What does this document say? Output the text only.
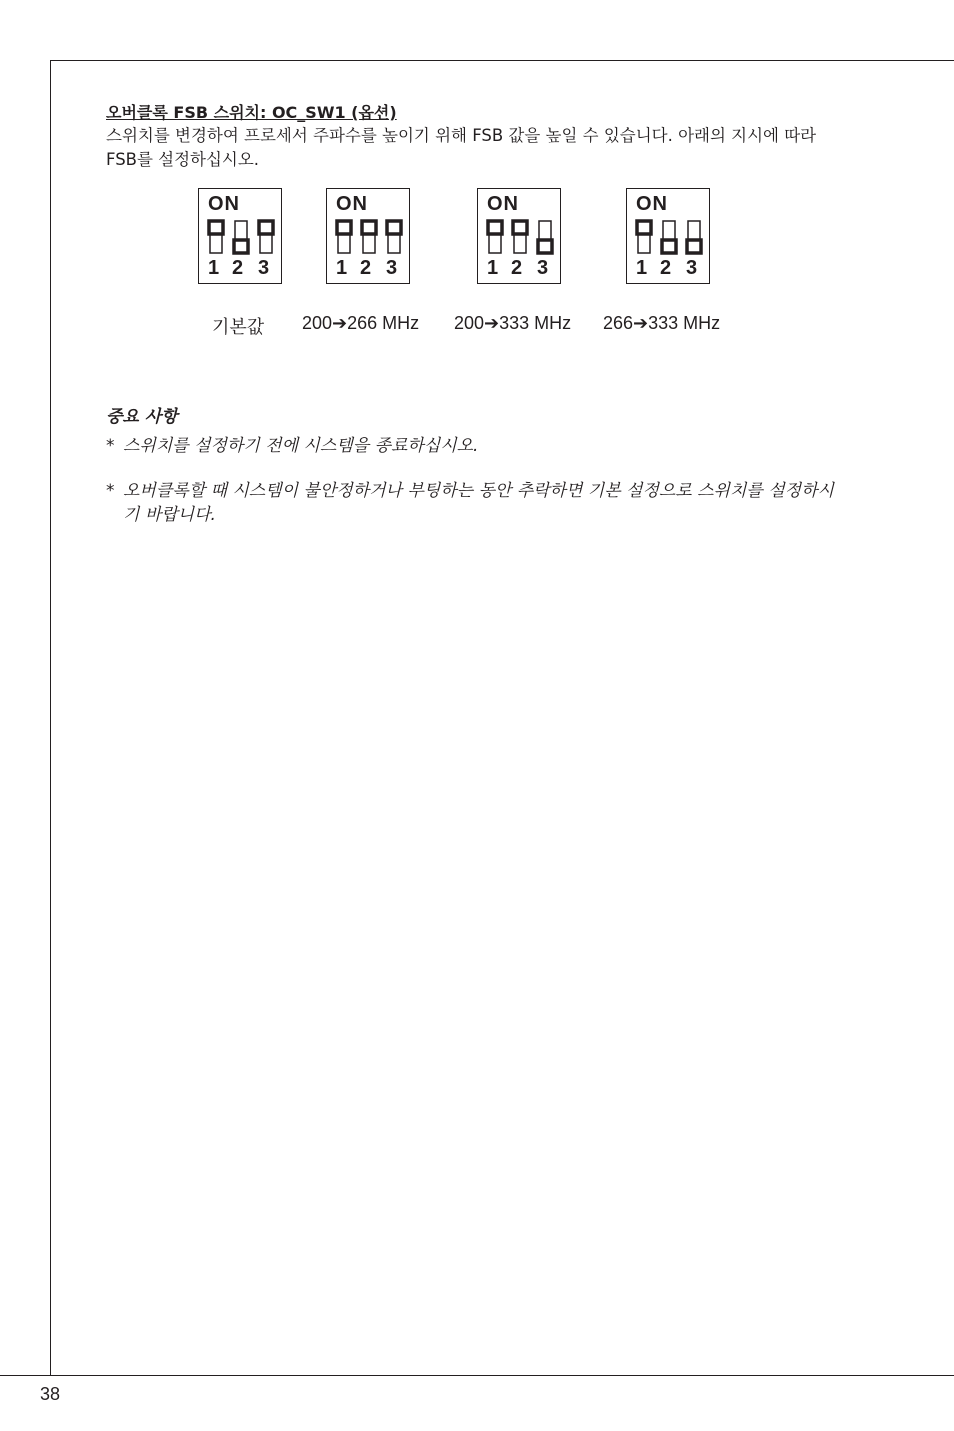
오버클록 FSB 스위치: OC_SW1 (옵션)
스위치를 변경하여 프로세서 주파수를 높이기 위해 FSB 값을 높일 수 있습니다. 아래의 지시에 따라 FSB를 설정하십시오.
ON
1 2 3
ON
1 2 3
ON
1 2 3
ON
1 2 3
기본값 200➔266 MHz 200➔333 MHz 266➔333 MHz
중요 사항
* 스위치를 설정하기 전에 시스템을 종료하십시오.
* 오버클록할 때 시스템이 불안정하거나 부팅하는 동안 추락하면 기본 설정으로 스위치를 설정하시기 바랍니다.
38
